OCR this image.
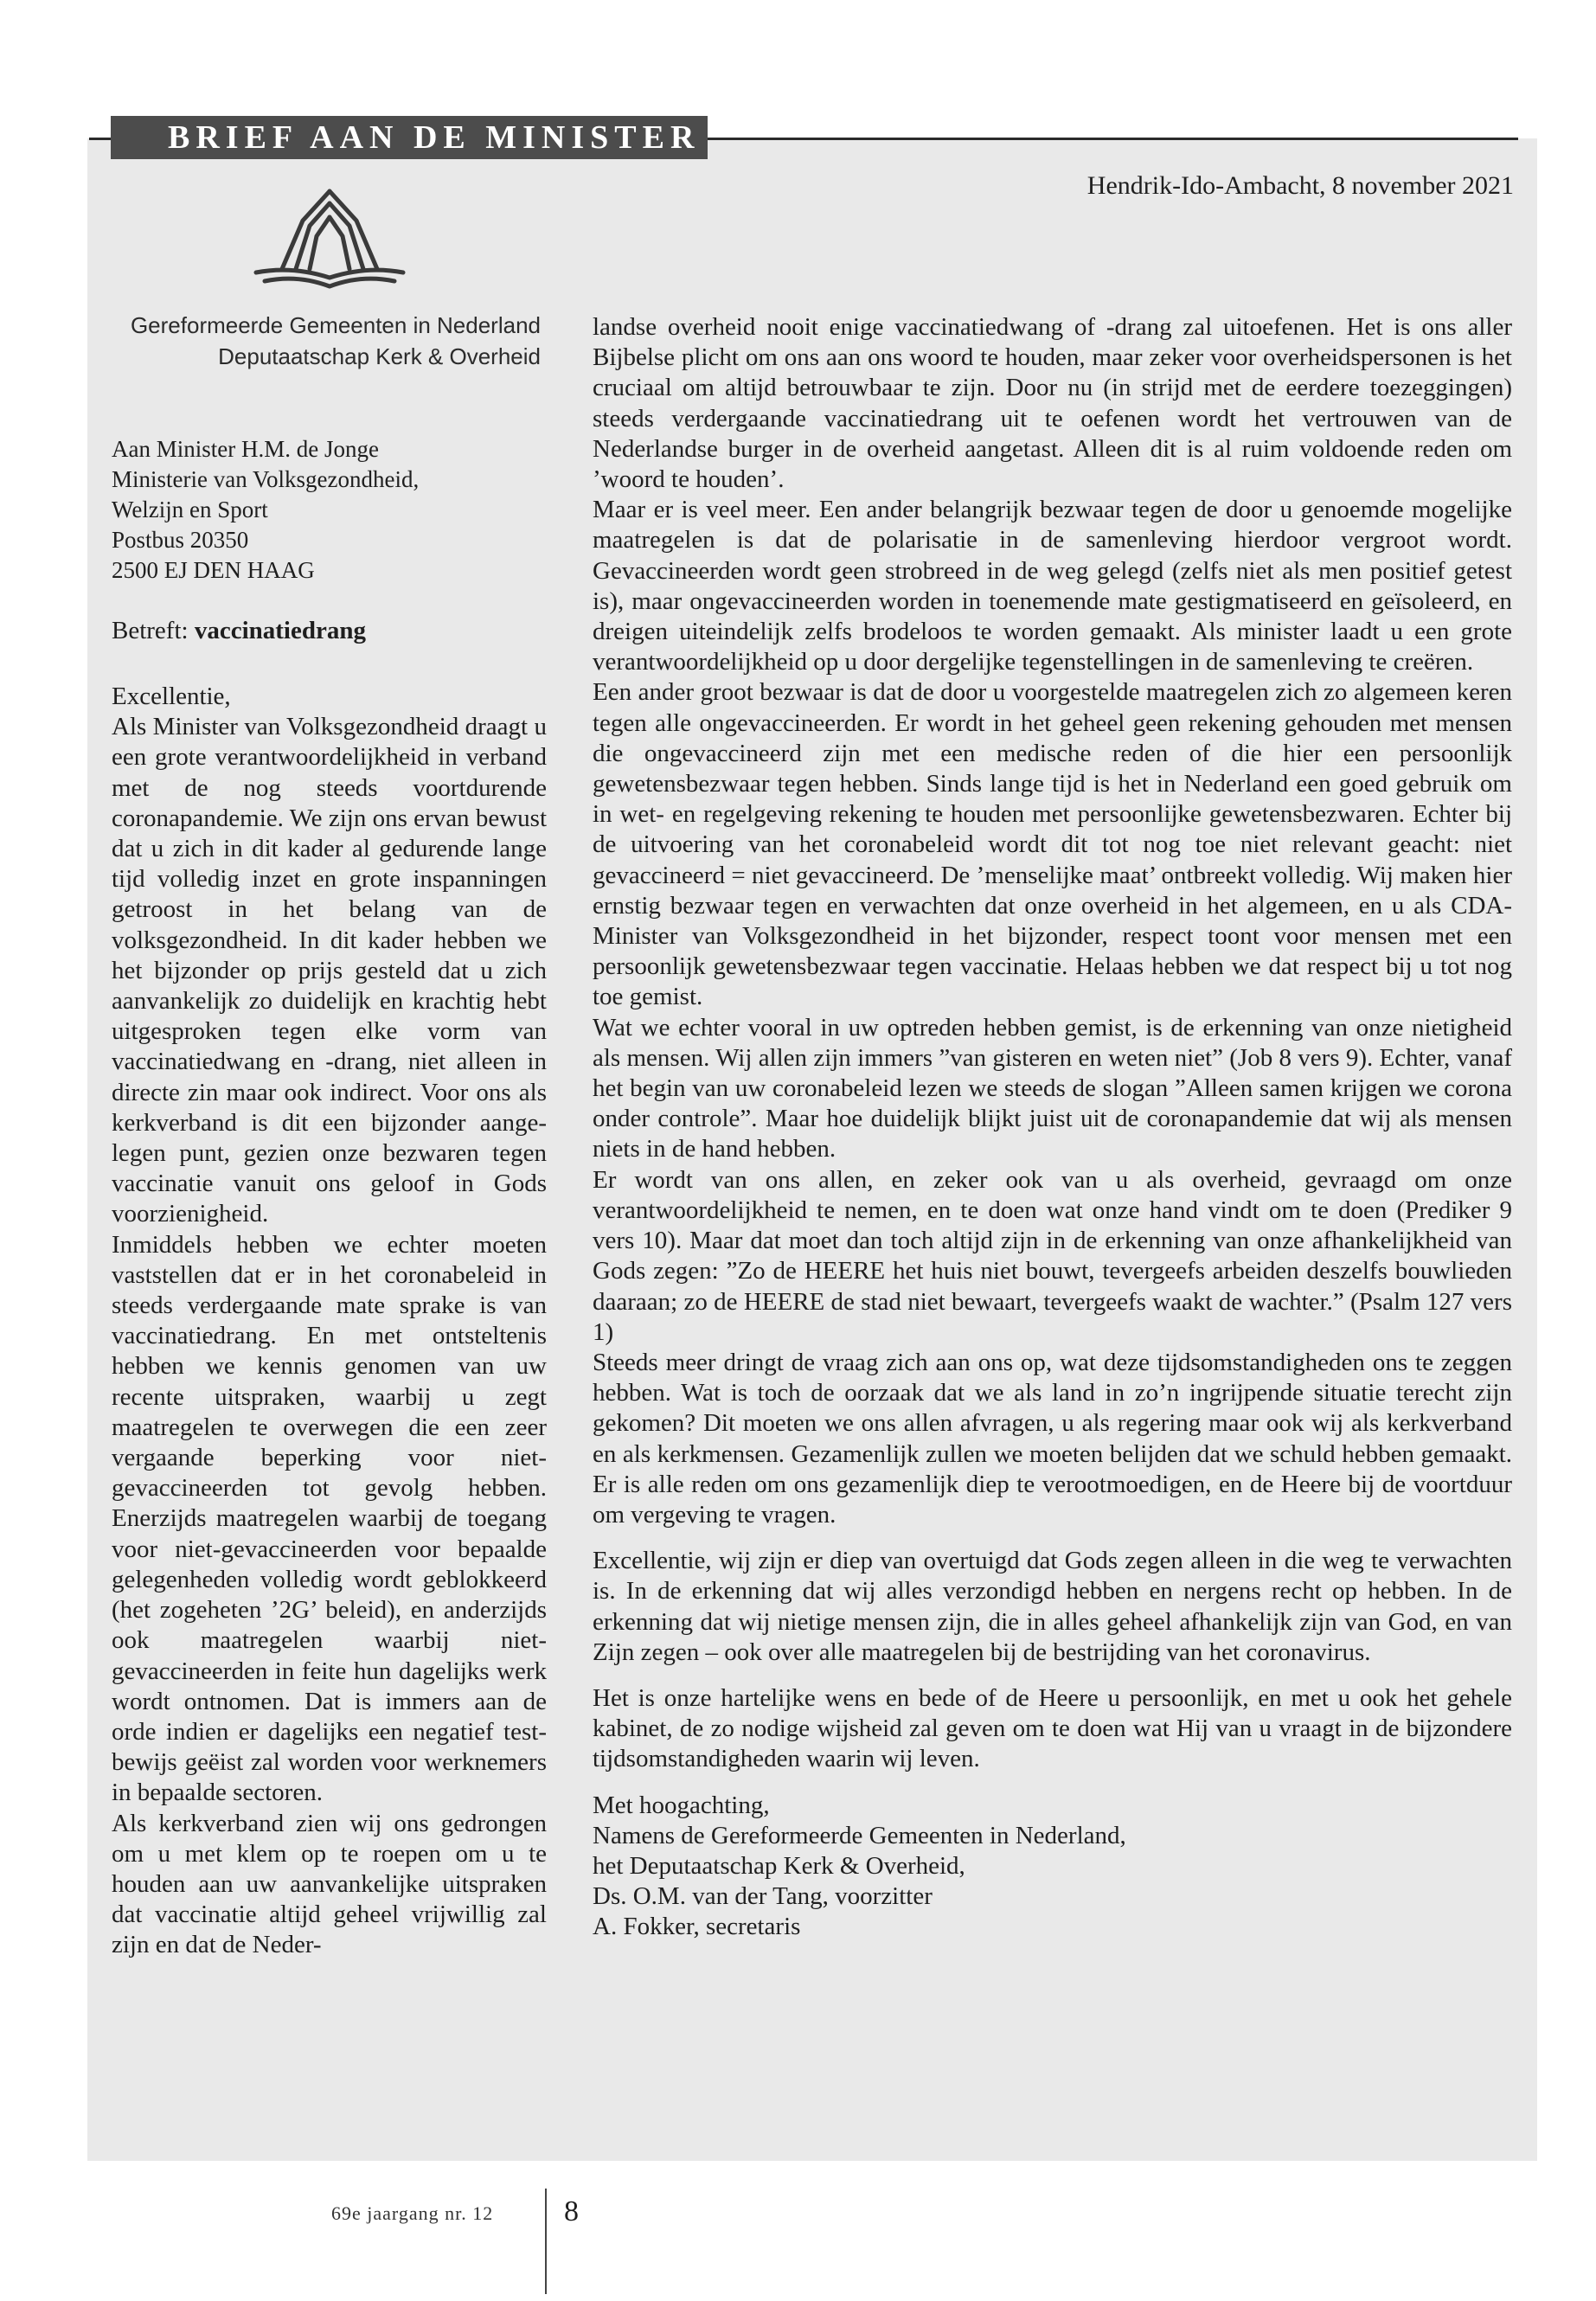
BRIEF AAN DE MINISTER
Hendrik-Ido-Ambacht, 8 november 2021
Gereformeerde Gemeenten in Nederland
Deputaatschap Kerk & Overheid
Aan Minister H.M. de Jonge
Ministerie van Volksgezondheid,
Welzijn en Sport
Postbus 20350
2500 EJ DEN HAAG
Betreft: vaccinatiedrang

Excellentie,

Als Minister van Volksgezondheid draagt u een grote verantwoordelijkheid in verband met de nog steeds voortdurende coronapandemie. We zijn ons ervan bewust dat u zich in dit kader al gedurende lange tijd volledig inzet en grote inspanningen getroost in het belang van de volksgezondheid. In dit kader hebben we het bijzonder op prijs gesteld dat u zich aanvankelijk zo duidelijk en krachtig hebt uitgesproken tegen elke vorm van vaccinatiedwang en -drang, niet alleen in directe zin maar ook indirect. Voor ons als kerkverband is dit een bijzonder aangelegen punt, gezien onze bezwaren tegen vaccinatie vanuit ons geloof in Gods voorzienigheid.

Inmiddels hebben we echter moeten vaststellen dat er in het coronabeleid in steeds verdergaande mate sprake is van vaccinatiedrang. En met ontsteltenis hebben we kennis genomen van uw recente uitspraken, waarbij u zegt maatregelen te overwegen die een zeer vergaande beperking voor niet-gevaccineerden tot gevolg hebben. Enerzijds maatregelen waarbij de toegang voor niet-gevaccineerden voor bepaalde gelegenheden volledig wordt geblokkeerd (het zogeheten ’2G’ beleid), en anderzijds ook maatregelen waarbij niet-gevaccineerden in feite hun dagelijks werk wordt ontnomen. Dat is immers aan de orde indien er dagelijks een negatief testbewijs geëist zal worden voor werknemers in bepaalde sectoren.

Als kerkverband zien wij ons gedrongen om u met klem op te roepen om u te houden aan uw aanvankelijke uitspraken dat vaccinatie altijd geheel vrijwillig zal zijn en dat de Neder-

landse overheid nooit enige vaccinatiedwang of -drang zal uitoefenen. Het is ons aller Bijbelse plicht om ons aan ons woord te houden, maar zeker voor overheidspersonen is het cruciaal om altijd betrouwbaar te zijn. Door nu (in strijd met de eerdere toezeggingen) steeds verdergaande vaccinatiedrang uit te oefenen wordt het vertrouwen van de Nederlandse burger in de overheid aangetast. Alleen dit is al ruim voldoende reden om ’woord te houden’.

Maar er is veel meer. Een ander belangrijk bezwaar tegen de door u genoemde mogelijke maatregelen is dat de polarisatie in de samenleving hierdoor vergroot wordt. Gevaccineerden wordt geen strobreed in de weg gelegd (zelfs niet als men positief getest is), maar ongevaccineerden worden in toenemende mate gestigmatiseerd en geïsoleerd, en dreigen uiteindelijk zelfs brodeloos te worden gemaakt. Als minister laadt u een grote verantwoordelijkheid op u door dergelijke tegenstellingen in de samenleving te creëren.

Een ander groot bezwaar is dat de door u voorgestelde maatregelen zich zo algemeen keren tegen alle ongevaccineerden. Er wordt in het geheel geen rekening gehouden met mensen die ongevaccineerd zijn met een medische reden of die hier een persoonlijk gewetensbezwaar tegen hebben. Sinds lange tijd is het in Nederland een goed gebruik om in wet- en regelgeving rekening te houden met persoonlijke gewetensbezwaren. Echter bij de uitvoering van het coronabeleid wordt dit tot nog toe niet relevant geacht: niet gevaccineerd = niet gevaccineerd. De ’menselijke maat’ ontbreekt volledig. Wij maken hier ernstig bezwaar tegen en verwachten dat onze overheid in het algemeen, en u als CDA-Minister van Volksgezondheid in het bijzonder, respect toont voor mensen met een persoonlijk gewetensbezwaar tegen vaccinatie. Helaas hebben we dat respect bij u tot nog toe gemist.

Wat we echter vooral in uw optreden hebben gemist, is de erkenning van onze nietigheid als mensen. Wij allen zijn immers ”van gisteren en weten niet” (Job 8 vers 9). Echter, vanaf het begin van uw coronabeleid lezen we steeds de slogan ”Alleen samen krijgen we corona onder controle”. Maar hoe duidelijk blijkt juist uit de coronapandemie dat wij als mensen niets in de hand hebben.

Er wordt van ons allen, en zeker ook van u als overheid, gevraagd om onze verantwoordelijkheid te nemen, en te doen wat onze hand vindt om te doen (Prediker 9 vers 10). Maar dat moet dan toch altijd zijn in de erkenning van onze afhankelijkheid van Gods zegen: ”Zo de HEERE het huis niet bouwt, tevergeefs arbeiden deszelfs bouwlieden daaraan; zo de HEERE de stad niet bewaart, tevergeefs waakt de wachter.” (Psalm 127 vers 1)

Steeds meer dringt de vraag zich aan ons op, wat deze tijdsomstandigheden ons te zeggen hebben. Wat is toch de oorzaak dat we als land in zo’n ingrijpende situatie terecht zijn gekomen? Dit moeten we ons allen afvragen, u als regering maar ook wij als kerkverband en als kerkmensen. Gezamenlijk zullen we moeten belijden dat we schuld hebben gemaakt. Er is alle reden om ons gezamenlijk diep te verootmoedigen, en de Heere bij de voortduur om vergeving te vragen.

Excellentie, wij zijn er diep van overtuigd dat Gods zegen alleen in die weg te verwachten is. In de erkenning dat wij alles verzondigd hebben en nergens recht op hebben. In de erkenning dat wij nietige mensen zijn, die in alles geheel afhankelijk zijn van God, en van Zijn zegen – ook over alle maatregelen bij de bestrijding van het coronavirus.

Het is onze hartelijke wens en bede of de Heere u persoonlijk, en met u ook het gehele kabinet, de zo nodige wijsheid zal geven om te doen wat Hij van u vraagt in de bijzondere tijdsomstandigheden waarin wij leven.

Met hoogachting,

Namens de Gereformeerde Gemeenten in Nederland,

het Deputaatschap Kerk & Overheid,

Ds. O.M. van der Tang, voorzitter

A. Fokker, secretaris

69e jaargang nr. 12 8
